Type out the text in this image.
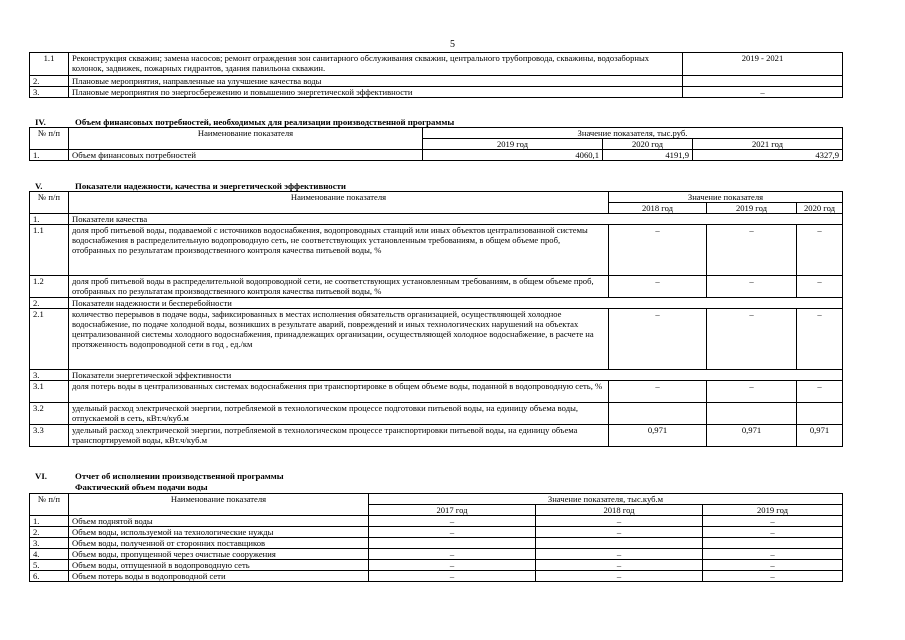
5
1.1	Реконструкция скважин; замена насосов; ремонт ограждения зон санитарного обслуживания скважин, центрального трубопровода, скважины, водозаборных колонок, задвижек, пожарных гидрантов, здания павильона скважин.	2019 - 2021
2.	Плановые мероприятия, направленные на улучшение качества воды	
3.	Плановые мероприятия по энергосбережению и повышению энергетической эффективности	–
IV.	Объем финансовых потребностей, необходимых для реализации производственной программы
№ п/п	Наименование показателя	Значение показателя, тыс.руб.		
		2019 год	2020 год	2021 год
1.	Объем финансовых потребностей	4060,1	4191,9	4327,9
V.	Показатели надежности, качества и энергетической эффективности
№ п/п	Наименование показателя	Значение показателя		
		2018 год	2019 год	2020 год
1.	Показатели качества			
1.1	доля проб питьевой воды, подаваемой с источников водоснабжения, водопроводных станций или иных объектов централизованной системы водоснабжения в распределительную водопроводную сеть, не соответствующих установленным требованиям, в общем объеме проб, отобранных по результатам производственного контроля качества питьевой воды, %	–	–	–
1.2	доля проб питьевой воды в распределительной водопроводной сети, не соответствующих установленным требованиям, в общем объеме проб, отобранных по результатам производственного контроля качества питьевой воды, %	–	–	–
2.	Показатели надежности и бесперебойности			
2.1	количество перерывов в подаче воды, зафиксированных в местах исполнения обязательств организацией, осуществляющей холодное водоснабжение, по подаче холодной воды, возникших в результате аварий, повреждений и иных технологических нарушений на объектах централизованной системы холодного водоснабжения, принадлежащих организации, осуществляющей холодное водоснабжение, в расчете на протяженность водопроводной сети в год , ед./км	–	–	–
3.	Показатели энергетической эффективности			
3.1	доля потерь воды в централизованных системах водоснабжения при транспортировке в общем объеме воды, поданной в водопроводную сеть, %	–	–	–
3.2	удельный расход электрической энергии, потребляемой в технологическом процессе подготовки питьевой воды, на единицу объема воды, отпускаемой в сеть, кВт.ч/куб.м			
3.3	удельный расход электрической энергии, потребляемой в технологическом процессе транспортировки питьевой воды, на единицу объема транспортируемой воды, кВт.ч/куб.м	0,971	0,971	0,971
VI.	Отчет об исполнении производственной программы
Фактический объем подачи воды
№ п/п	Наименование показателя	Значение показателя, тыс.куб.м		
		2017 год	2018 год	2019 год
1.	Объем поднятой воды	–	–	–
2.	Объем воды, используемой на технологические нужды	–	–	–
3.	Объем воды, полученной от сторонних поставщиков			
4.	Объем воды, пропущенной через очистные сооружения	–	–	–
5.	Объем воды, отпущенной в водопроводную сеть	–	–	–
6.	Объем потерь воды в водопроводной сети	–	–	–
